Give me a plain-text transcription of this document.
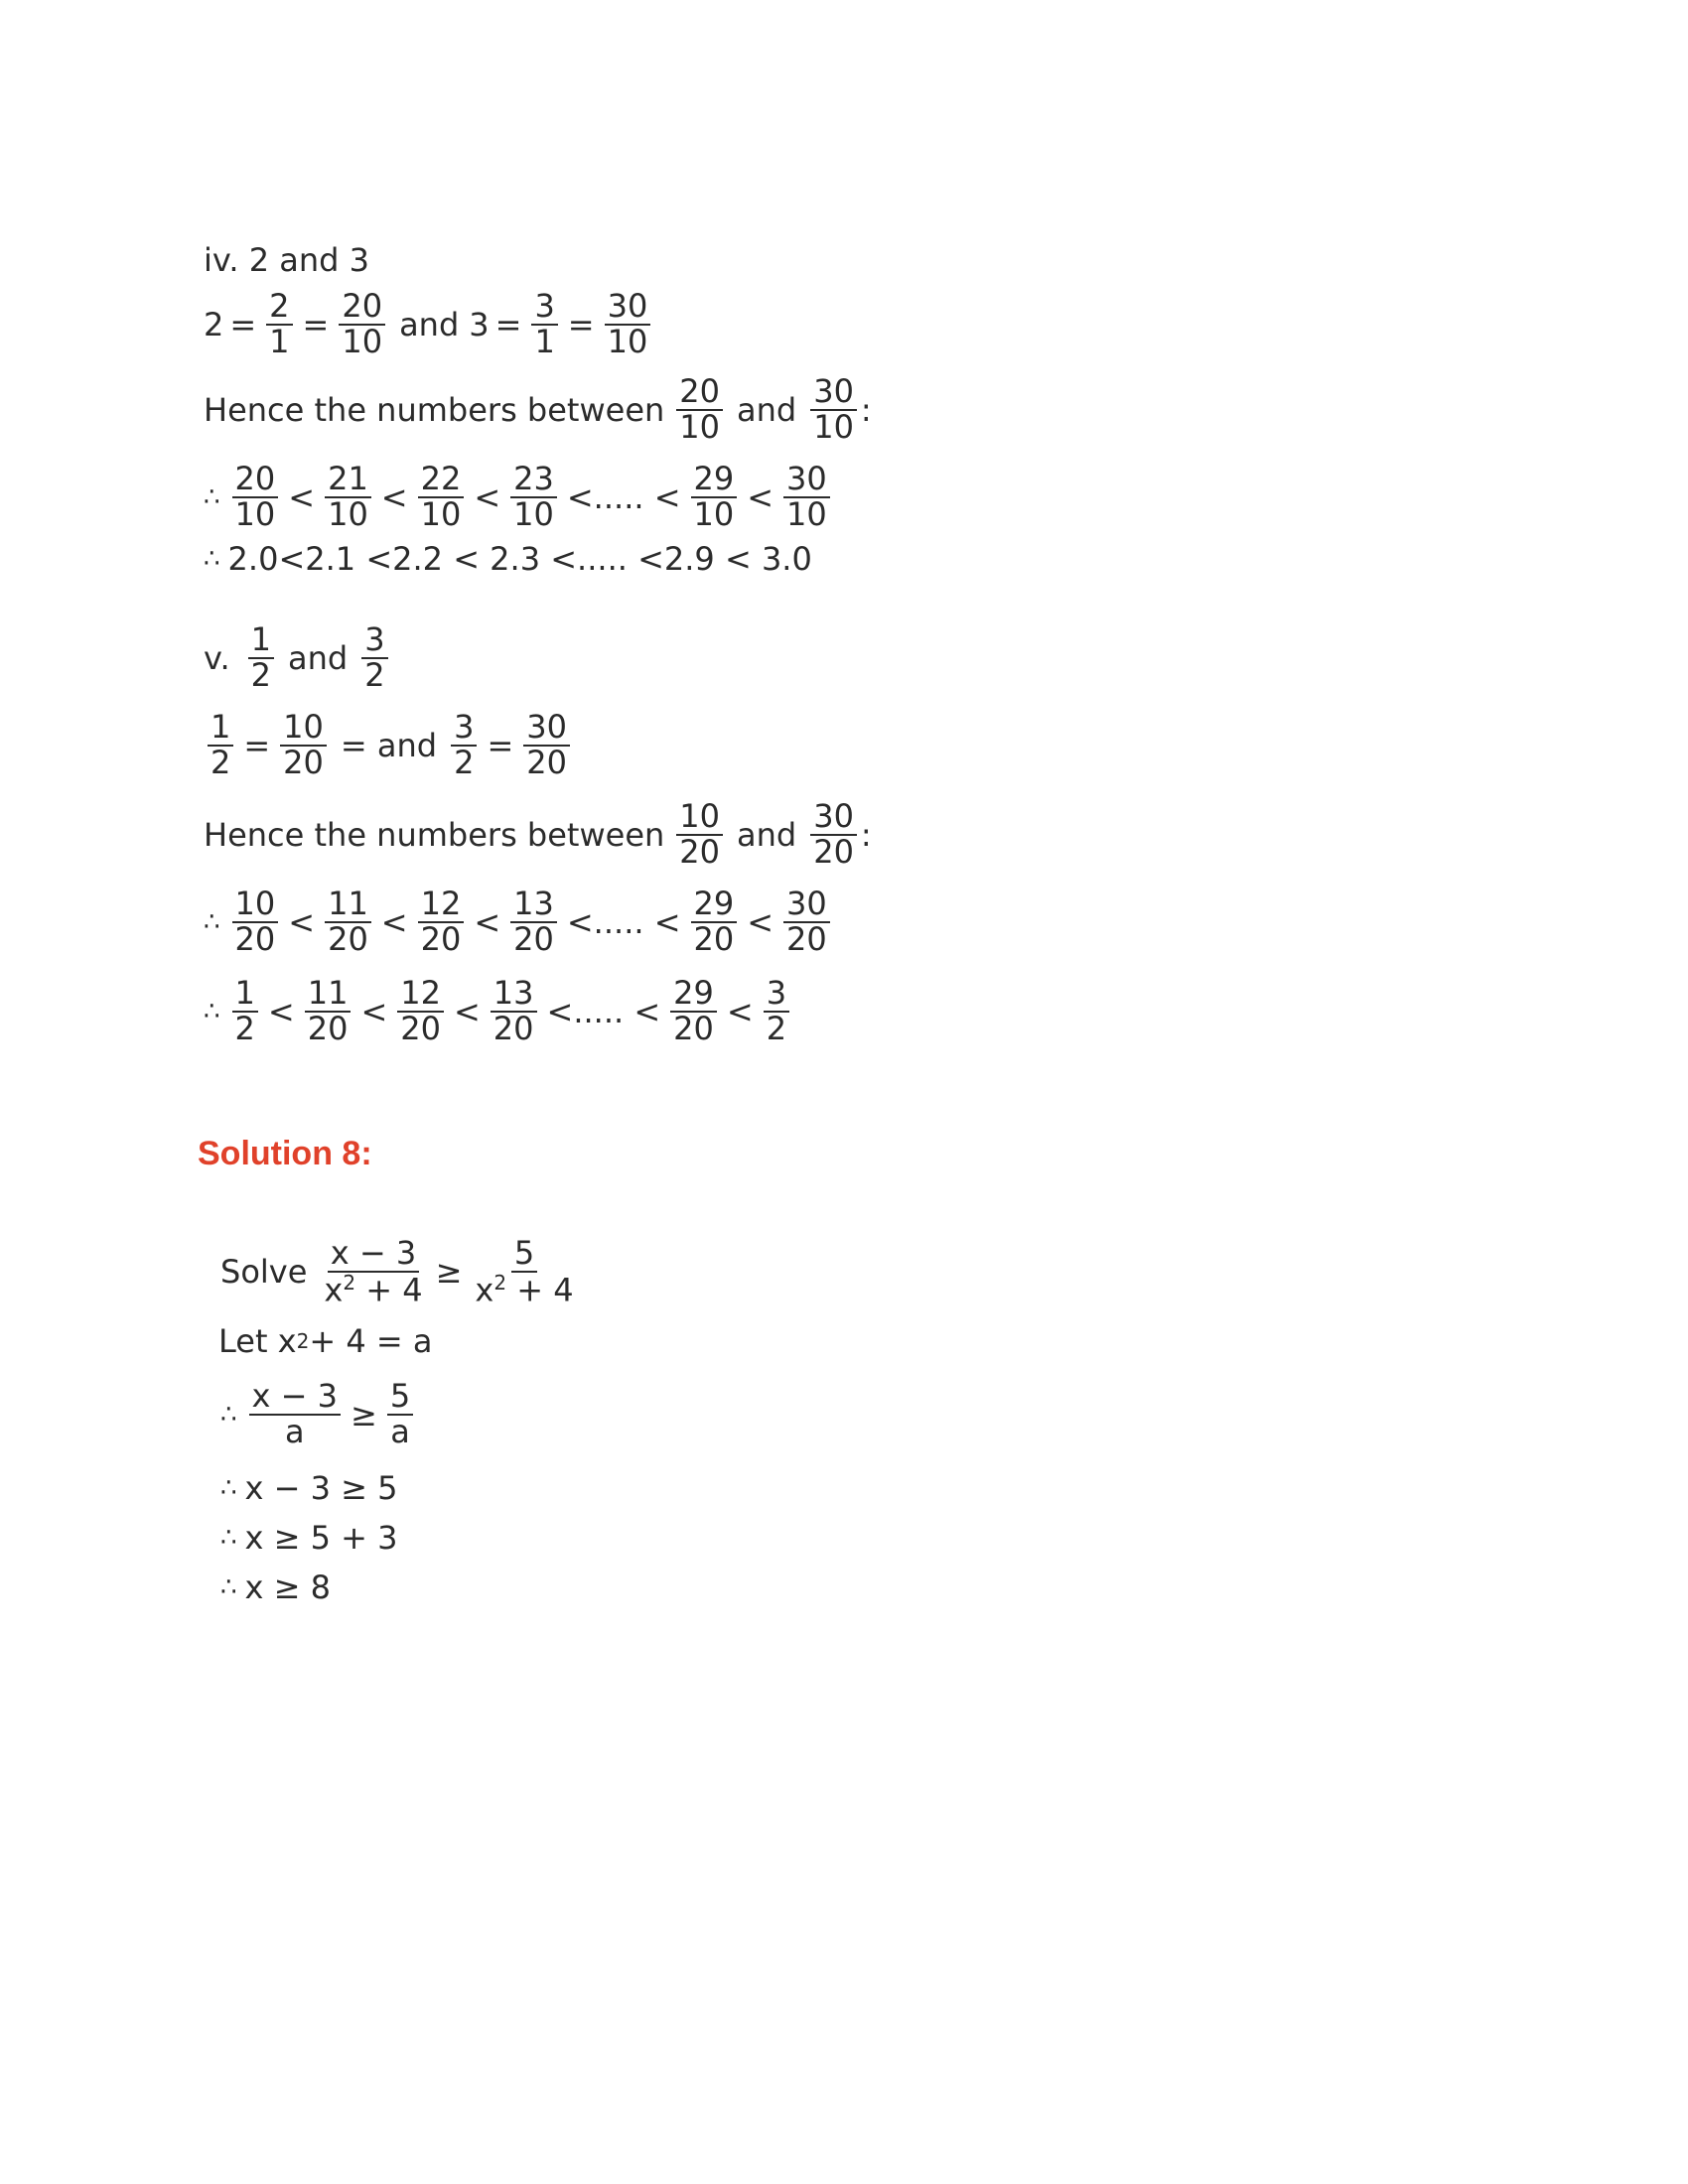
iv. 2 and 3
$2 = \frac{2}{1} = \frac{20}{10}$ and $3 = \frac{3}{1} = \frac{30}{10}$
Hence the numbers between $\frac{20}{10}$ and $\frac{30}{10}$ :
∴ $\frac{20}{10} < \frac{21}{10} < \frac{22}{10} < \frac{23}{10}$ <..... < $\frac{29}{10} < \frac{30}{10}$
∴ 2.0<2.1 <2.2 < 2.3 <..... <2.9 < 3.0
v. $\frac{1}{2}$ and $\frac{3}{2}$
$\frac{1}{2} = \frac{10}{20}$ = and $\frac{3}{2} = \frac{30}{20}$
Hence the numbers between $\frac{10}{20}$ and $\frac{30}{20}$ :
∴ $\frac{10}{20} < \frac{11}{20} < \frac{12}{20} < \frac{13}{20}$ <..... < $\frac{29}{20} < \frac{30}{20}$
∴ $\frac{1}{2} < \frac{11}{20} < \frac{12}{20} < \frac{13}{20}$ <..... < $\frac{29}{20} < \frac{3}{2}$
Solution 8:
Solve $\frac{x - 3}{x^2 + 4} \ge \frac{5}{x^2 + 4}$
Let x 2 + 4 = a
∴ $\frac{x - 3}{a} \ge \frac{5}{a}$
∴ x − 3 ≥ 5
∴ x ≥ 5 + 3
∴ x ≥ 8
